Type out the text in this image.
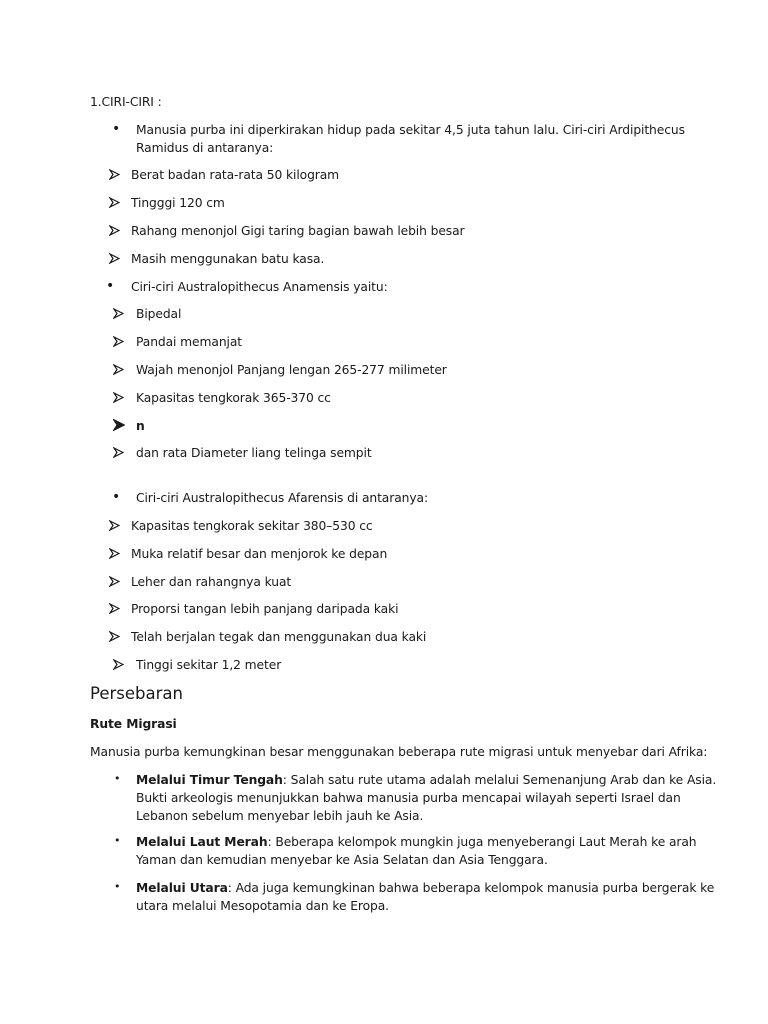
1.CIRI-CIRI :
• Manusia purba ini diperkirakan hidup pada sekitar 4,5 juta tahun lalu. Ciri-ciri Ardipithecus
Ramidus di antaranya:
Berat badan rata-rata 50 kilogram
Tingggi 120 cm
Rahang menonjol Gigi taring bagian bawah lebih besar
Masih menggunakan batu kasa.
• Ciri-ciri Australopithecus Anamensis yaitu:
Bipedal
Pandai memanjat
Wajah menonjol Panjang lengan 265-277 milimeter
Kapasitas tengkorak 365-370 cc
n
dan rata Diameter liang telinga sempit
• Ciri-ciri Australopithecus Afarensis di antaranya:
Kapasitas tengkorak sekitar 380–530 cc
Muka relatif besar dan menjorok ke depan
Leher dan rahangnya kuat
Proporsi tangan lebih panjang daripada kaki
Telah berjalan tegak dan menggunakan dua kaki
Tinggi sekitar 1,2 meter
Persebaran
Rute Migrasi
Manusia purba kemungkinan besar menggunakan beberapa rute migrasi untuk menyebar dari Afrika:
• Melalui Timur Tengah: Salah satu rute utama adalah melalui Semenanjung Arab dan ke Asia.
Bukti arkeologis menunjukkan bahwa manusia purba mencapai wilayah seperti Israel dan
Lebanon sebelum menyebar lebih jauh ke Asia.
• Melalui Laut Merah: Beberapa kelompok mungkin juga menyeberangi Laut Merah ke arah
Yaman dan kemudian menyebar ke Asia Selatan dan Asia Tenggara.
• Melalui Utara: Ada juga kemungkinan bahwa beberapa kelompok manusia purba bergerak ke
utara melalui Mesopotamia dan ke Eropa.
